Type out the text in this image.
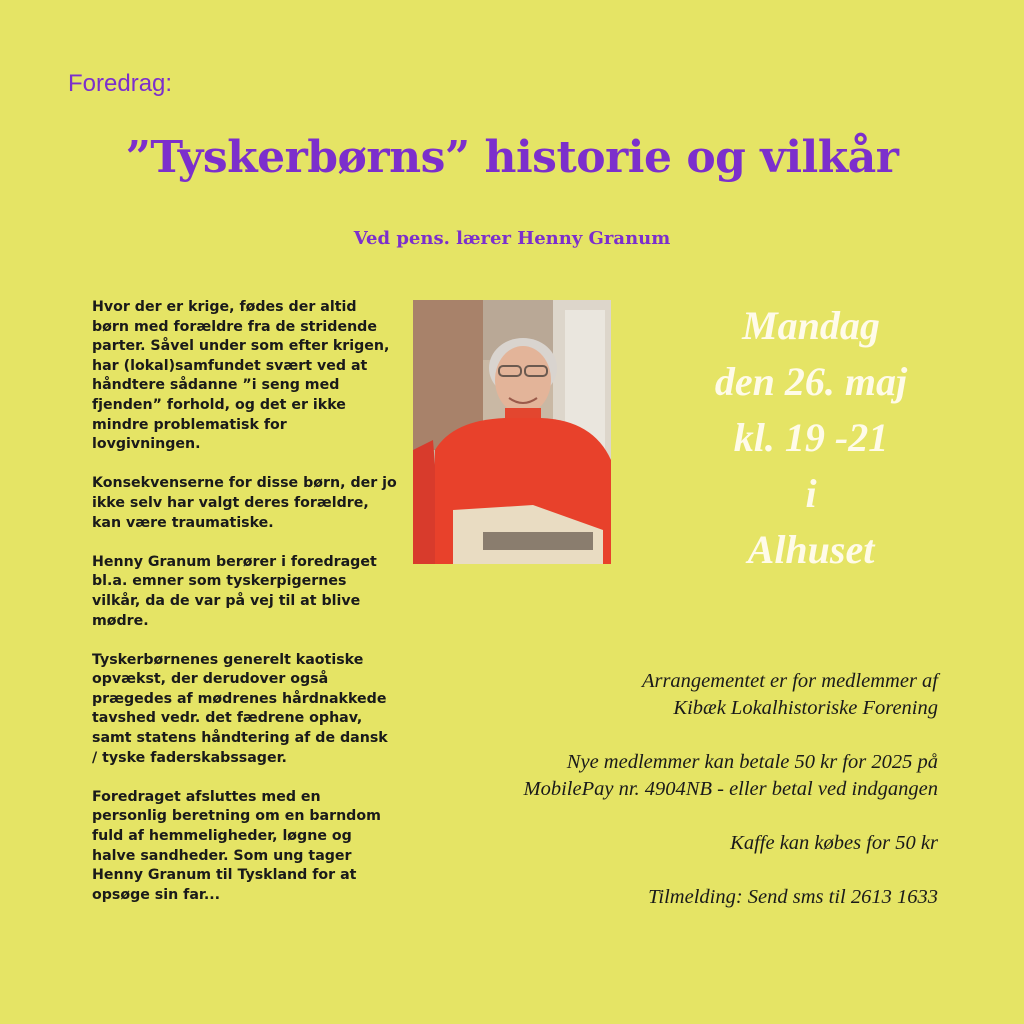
Foredrag:
”Tyskerbørns” historie og vilkår
Ved pens. lærer Henny Granum

Hvor der er krige, fødes der altid børn med forældre fra de stridende parter. Såvel under som efter krigen, har (lokal)samfundet svært ved at håndtere sådanne ”i seng med fjenden” forhold, og det er ikke mindre problematisk for lovgivningen.

Konsekvenserne for disse børn, der jo ikke selv har valgt deres forældre, kan være traumatiske.

Henny Granum berører i foredraget bl.a. emner som tyskerpigernes vilkår, da de var på vej til at blive mødre.

Tyskerbørnenes generelt kaotiske opvækst, der derudover også prægedes af mødrenes hårdnakkede tavshed vedr. det fædrene ophav, samt statens håndtering af de dansk / tyske faderskabssager.

Foredraget afsluttes med en personlig beretning om en barndom fuld af hemmeligheder, løgne og halve sandheder. Som ung tager Henny Granum til Tyskland for at opsøge sin far...

Mandag
den 26. maj
kl. 19 -21
i
Alhuset
Arrangementet er for medlemmer af
Kibæk Lokalhistoriske Forening
Nye medlemmer kan betale 50 kr for 2025 på
MobilePay nr. 4904NB - eller betal ved indgangen
Kaffe kan købes for 50 kr
Tilmelding: Send sms til 2613 1633
